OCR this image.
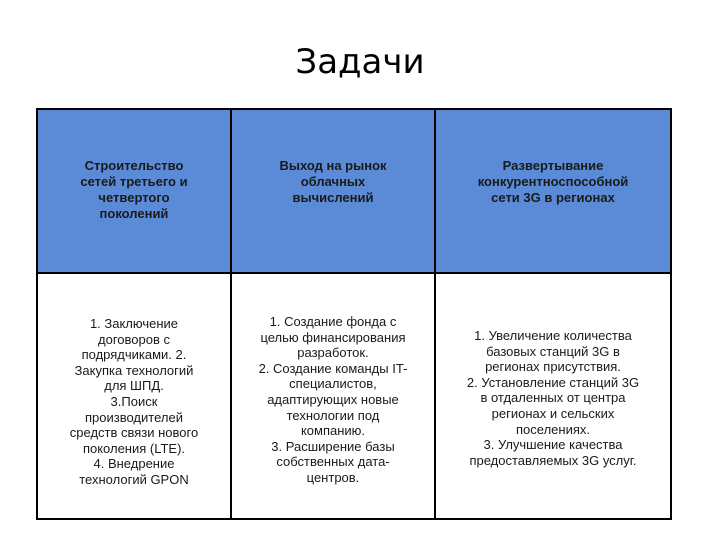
Задачи
Строительство
сетей третьего и
четвертого
поколений
Выход на рынок
облачных
вычислений
Развертывание
конкурентноспособной
сети 3G в регионах
1. Заключение
договоров с
подрядчиками. 2.
Закупка технологий
для ШПД.
3.Поиск
производителей
средств связи нового
поколения (LTE).
4. Внедрение
технологий GPON
1. Создание фонда с
целью финансирования
разработок.
2. Создание команды IT-
специалистов,
адаптирующих новые
технологии под
компанию.
3. Расширение базы
собственных дата-
центров.
1. Увеличение количества
базовых станций 3G в
регионах присутствия.
2. Установление станций 3G
в отдаленных от центра
регионах и сельских
поселениях.
3. Улучшение качества
предоставляемых 3G услуг.
